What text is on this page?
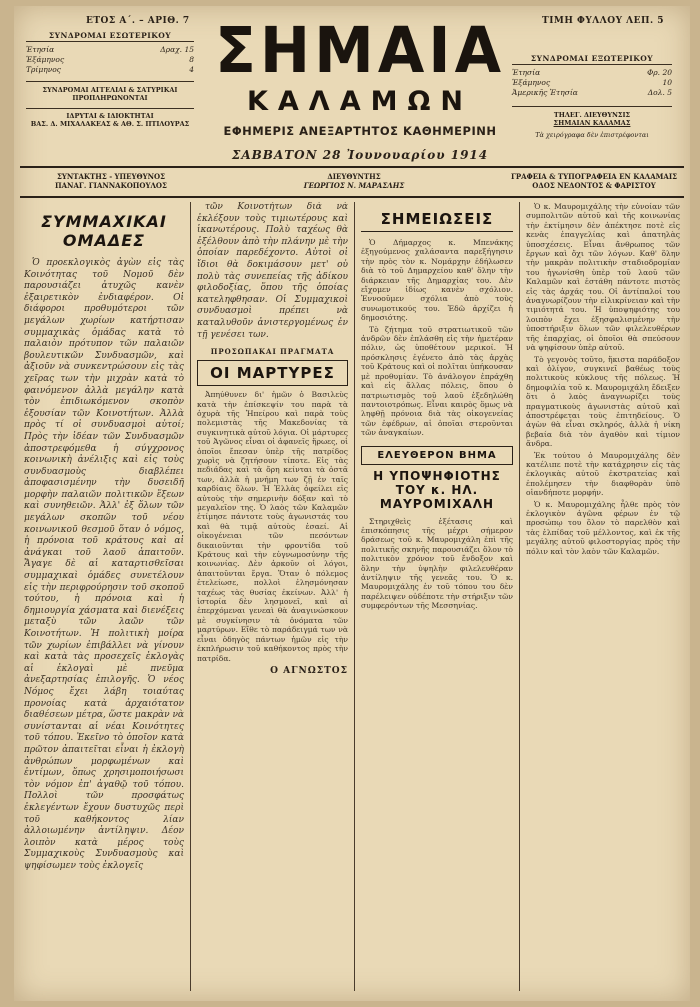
ΕΤΟΣ Α΄. – ΑΡΙΘ. 7	ΤΙΜΗ ΦΥΛΛΟΥ ΛΕΠ. 5
ΣΥΝΔΡΟΜΑΙ ΕΣΩΤΕΡΙΚΟΥ
Ἐτησία	Δραχ. 15
Ἑξάμηνος	8
Τρίμηνος	4
ΣΥΝΔΡΟΜΑΙ ΑΓΓΕΛΙΑΙ & ΣΑΤΥΡΙΚΑΙ ΠΡΟΠΛΗΡΩΝΟΝΤΑΙ
ΙΔΡΥΤΑΙ & ΙΔΙΟΚΤΗΤΑΙ
ΒΑΣ. Δ. ΜΙΧΑΛΑΚΕΑΣ & ΑΘ. Σ. ΠΤΙΛΟΥΡΑΣ
ΣΥΝΔΡΟΜΑΙ ΕΞΩΤΕΡΙΚΟΥ
Ἐτησία	Φρ. 20
Ἑξάμηνος	10
Ἀμερικῆς Ἐτησία	Δολ. 5
ΤΗΛΕΓ. ΔΙΕΥΘΥΝΣΙΣ
ΣΗΜΑΙΑΝ ΚΑΛΑΜΑΣ
Τὰ χειρόγραφα δὲν ἐπιστρέφονται
ΣΗΜΑΙΑ
ΚΑΛΑΜΩΝ
ΕΦΗΜΕΡΙΣ ΑΝΕΞΑΡΤΗΤΟΣ ΚΑΘΗΜΕΡΙΝΗ
ΣΑΒΒΑΤΟΝ 28 Ἰουνουαρίου 1914
ΣΥΝΤΑΚΤΗΣ - ΥΠΕΥΘΥΝΟΣ
ΠΑΝΑΓ. ΓΙΑΝΝΑΚΟΠΟΥΛΟΣ
ΔΙΕΥΘΥΝΤΗΣ
ΓΕΩΡΓΙΟΣ Ν. ΜΑΡΑΣΛΗΣ
ΓΡΑΦΕΙΑ & ΤΥΠΟΓΡΑΦΕΙΑ ΕΝ ΚΑΛΑΜΑΙΣ
ΟΔΟΣ ΝΕΔΟΝΤΟΣ & ΦΑΡΙΣΤΟΥ
ΣΥΜΜΑΧΙΚΑΙ ΟΜΑΔΕΣ

Ὁ προεκλογικὸς ἀγὼν εἰς τὰς Κοινότητας τοῦ Νομοῦ δὲν παρουσιάζει ἀτυχῶς κανὲν ἐξαιρετικὸν ἐνδιαφέρον. Οἱ διάφοροι προθυμότεροι τῶν μεγάλων χωρίων κατήρτισαν συμμαχικὰς ὁμάδας κατὰ τὸ παλαιὸν πρότυπον τῶν παλαιῶν βουλευτικῶν Συνδυασμῶν, καὶ ἀξιοῦν νὰ συνκεντρώσουν εἰς τὰς χεῖρας των τὴν μιχρὰν κατὰ τὸ φαινόμενον ἀλλὰ μεγάλην κατὰ τὸν ἐπιδιωκόμενον σκοπὸν ἐξουσίαν τῶν Κοινοτήτων. Ἀλλὰ πρὸς τί οἱ συνδυασμοὶ αὐτοί; Πρὸς τὴν ἰδέαν τῶν Συνδυασμῶν ἀποστρεφόμεθα ἡ σύγχρονος κοινωνικὴ ἀνέλιξις καὶ εἰς τοὺς συνδυασμοὺς διαβλέπει ἀποφασισμένην τὴν δυσειδῆ μορφὴν παλαιῶν πολιτικῶν ἕξεων καὶ συνηθειῶν. Ἀλλ' ἐξ ὅλων τῶν μεγάλων σκοπῶν τοῦ νέου κοινωνικοῦ θεσμοῦ ὅταν ὁ νόμος, ἡ πρόνοια τοῦ κράτους καὶ αἱ ἀνάγκαι τοῦ λαοῦ ἀπαιτοῦν. Ἄγαγε δὲ αἱ καταρτισθεῖσαι συμμαχικαὶ ὁμάδες συνετέλουν εἰς τὴν περιφρούρησιν τοῦ σκοποῦ τούτου, ἡ πρόνοια καὶ ἡ δημιουργία χάσματα καὶ διενέξεις μεταξὺ τῶν λαῶν τῶν Κοινοτήτων. Ἡ πολιτικὴ μοίρα τῶν χωρίων ἐπιβάλλει νὰ γίνουν καὶ κατὰ τὰς προσεχεῖς ἐκλογὰς αἱ ἐκλογαὶ μὲ πνεῦμα ἀνεξαρτησίας ἐπιλογῆς. Ὁ νέος Νόμος ἔχει λάβη τοιαύτας προνοίας κατὰ ἀρχαιότατον διαθέσεων μέτρα, ὥστε μακρὰν νὰ συνίστανται αἱ νέαι Κοινότητες τοῦ τόπου. Ἐκεῖνο τὸ ὁποῖον κατὰ πρῶτον ἀπαιτεῖται εἶναι ἡ ἐκλογὴ ἀνθρώπων μορφωμένων καὶ ἐντίμων, ὅπως χρησιμοποιήσωσι τὸν νόμον ἐπ' ἀγαθῷ τοῦ τόπου. Πολλοὶ τῶν προσφάτως ἐκλεγέντων ἔχουν δυστυχῶς περὶ τοῦ καθήκοντος λίαν ἀλλοιωμένην ἀντίληψιν. Δέον λοιπὸν κατὰ μέρος τοὺς Συμμαχικοὺς Συνδυασμοὺς καὶ ψηφίσωμεν τοὺς ἐκλογεῖς

τῶν Κοινοτήτων διὰ νὰ ἐκλέξουν τοὺς τιμιωτέρους καὶ ἱκανωτέρους. Πολὺ ταχέως θὰ ἐξέλθουν ἀπὸ τὴν πλάνην μὲ τὴν ὁποίαν παρεδέχοντο. Αὐτοὶ οἱ ἴδιοι θὰ δοκιμάσουν μετ' οὐ πολὺ τὰς συνεπείας τῆς ἀδίκου φιλοδοξίας, ὅπου τῆς ὁποίας κατεληφθησαν. Οἱ Συμμαχικοὶ συνδυασμοὶ πρέπει νὰ καταλυθοῦν ἀνιστεργομένως ἐν τῇ γενέσει των.

ΠΡΟΣΩΠΑΚΑΙ ΠΡΑΓΜΑΤΑ
ΟΙ ΜΑΡΤΥΡΕΣ

Ἀπηύθυνεν δι' ἡμῶν ὁ Βασιλεὺς κατὰ τὴν ἐπίσκεψίν του παρὰ τὰ ὀχυρὰ τῆς Ἠπείρου καὶ παρὰ τοὺς πολεμιστὰς τῆς Μακεδονίας τὰ συγκινητικὰ αὐτοῦ λόγια. Οἱ μάρτυρες τοῦ Ἀγῶνος εἶναι οἱ ἀφανεῖς ἥρωες, οἱ ὁποῖοι ἔπεσαν ὑπὲρ τῆς πατρίδος χωρὶς νὰ ζητήσουν τίποτε. Εἰς τὰς πεδιάδας καὶ τὰ ὄρη κείνται τὰ ὀστᾶ των, ἀλλὰ ἡ μνήμη των ζῇ ἐν ταῖς καρδίαις ὅλων. Ἡ Ἑλλὰς ὀφείλει εἰς αὐτοὺς τὴν σημερινὴν δόξαν καὶ τὸ μεγαλεῖον της. Ὁ λαὸς τῶν Καλαμῶν ἐτίμησε πάντοτε τοὺς ἀγωνιστάς του καὶ θὰ τιμᾷ αὐτοὺς ἐσαεί. Αἱ οἰκογένειαι τῶν πεσόντων δικαιοῦνται τὴν φροντίδα τοῦ Κράτους καὶ τὴν εὐγνωμοσύνην τῆς κοινωνίας. Δὲν ἀρκοῦν οἱ λόγοι, ἀπαιτοῦνται ἔργα. Ὅταν ὁ πόλεμος ἐτελείωσε, πολλοὶ ἐλησμόνησαν ταχέως τὰς θυσίας ἐκείνων. Ἀλλ' ἡ ἱστορία δὲν λησμονεῖ, καὶ αἱ ἐπερχόμεναι γενεαὶ θὰ ἀναγινώσκουν μὲ συγκίνησιν τὰ ὀνόματα τῶν μαρτύρων. Εἴθε τὸ παράδειγμά των νὰ εἶναι ὁδηγὸς πάντων ἡμῶν εἰς τὴν ἐκπλήρωσιν τοῦ καθήκοντος πρὸς τὴν πατρίδα.

Ο ΑΓΝΩΣΤΟΣ
ΣΗΜΕΙΩΣΕΙΣ

Ὁ Δήμαρχος κ. Μπενάκης ἐξηγούμενος χαλάσαντα παρεξήγησιν τὴν πρὸς τὸν κ. Νομάρχην ἐδήλωσεν διὰ τὸ τοῦ Δημαρχείου καθ' ὅλην τὴν διάρκειαν τῆς Δημαρχίας του. Δὲν εἴχομεν ἰδίως κανὲν σχόλιον. Ἐννοοῦμεν σχόλια ἀπὸ τοὺς συνωμοτικούς του. Ἐδῶ ἀρχίζει ἡ δημοσιότης.

Τὸ ζήτημα τοῦ στρατιωτικοῦ τῶν ἀνδρῶν δὲν ἐπλάσθη εἰς τὴν ἡμετέραν πόλιν, ὡς ὑποθέτουν μερικοί. Ἡ πρόσκλησις ἐγένετο ἀπὸ τὰς ἀρχὰς τοῦ Κράτους καὶ οἱ πολῖται ὑπήκουσαν μὲ προθυμίαν. Τὸ ἀνάλογον ἐπράχθη καὶ εἰς ἄλλας πόλεις, ὅπου ὁ πατριωτισμὸς τοῦ λαοῦ ἐξεδηλώθη παντοιοτρόπως. Εἶναι καιρὸς ὅμως νὰ ληφθῇ πρόνοια διὰ τὰς οἰκογενείας τῶν ἐφέδρων, αἱ ὁποῖαι στεροῦνται τῶν ἀναγκαίων.

ΕΛΕΥΘΕΡΟΝ ΒΗΜΑ
Η ΥΠΟΨΗΦΙΟΤΗΣ
ΤΟΥ κ. ΗΛ. ΜΑΥΡΟΜΙΧΑΛΗ

Στηριχθεὶς ἐξέτασις καὶ ἐπισκόπησις τῆς μέχρι σήμερον δράσεως τοῦ κ. Μαυρομιχάλη ἐπὶ τῆς πολιτικῆς σκηνῆς παρουσιάζει ὅλον τὸ πολιτικὸν χρόνον τοῦ ἔνδοξον καὶ ὅλην τὴν ὑψηλὴν φιλελευθέραν ἀντίληψιν τῆς γενεᾶς του. Ὁ κ. Μαυρομιχάλης ἐν τοῦ τόπου του δὲν παρέλειψεν οὐδέποτε τὴν στήριξιν τῶν συμφερόντων τῆς Μεσσηνίας.

Ὁ κ. Μαυρομιχάλης τὴν εὐνοίαν τῶν συμπολιτῶν αὐτοῦ καὶ τῆς κοινωνίας τὴν ἐκτίμησιν δὲν ἀπέκτησε ποτὲ εἰς κενὰς ἐπαγγελίας καὶ ἀπατηλὰς ὑποσχέσεις. Εἶναι ἄνθρωπος τῶν ἔργων καὶ ὄχι τῶν λόγων. Καθ' ὅλην τὴν μακρὰν πολιτικὴν σταδιοδρομίαν του ἠγωνίσθη ὑπὲρ τοῦ λαοῦ τῶν Καλαμῶν καὶ ἐστάθη πάντοτε πιστὸς εἰς τὰς ἀρχάς του. Οἱ ἀντίπαλοί του ἀναγνωρίζουν τὴν εἰλικρίνειαν καὶ τὴν τιμιότητά του. Ἡ ὑποψηφιότης του λοιπὸν ἔχει ἐξησφαλισμένην τὴν ὑποστήριξιν ὅλων τῶν φιλελευθέρων τῆς ἐπαρχίας, οἱ ὁποῖοι θὰ σπεύσουν νὰ ψηφίσουν ὑπὲρ αὐτοῦ.

Τὸ γεγονὸς τοῦτο, ἥκιστα παράδοξον καὶ ὀλίγον, συγκινεῖ βαθέως τοὺς πολιτικοὺς κύκλους τῆς πόλεως. Ἡ δημοφιλία τοῦ κ. Μαυρομιχάλη ἔδειξεν ὅτι ὁ λαὸς ἀναγνωρίζει τοὺς πραγματικοὺς ἀγωνιστὰς αὐτοῦ καὶ ἀποστρέφεται τοὺς ἐπιτηδείους. Ὁ ἀγὼν θὰ εἶναι σκληρός, ἀλλὰ ἡ νίκη βεβαία διὰ τὸν ἀγαθὸν καὶ τίμιον ἄνδρα.

Ἐκ τούτου ὁ Μαυρομιχάλης δὲν κατέλιπε ποτὲ τὴν κατάχρησιν εἰς τὰς ἐκλογικὰς αὐτοῦ ἐκστρατείας καὶ ἐπολέμησεν τὴν διαφθορὰν ὑπὸ οἱανδήποτε μορφήν.

Ὁ κ. Μαυρομιχάλης ἦλθε πρὸς τὸν ἐκλογικὸν ἀγῶνα φέρων ἐν τῷ προσώπῳ του ὅλον τὸ παρελθὸν καὶ τὰς ἐλπίδας τοῦ μέλλοντος, καὶ ἐκ τῆς μεγάλης αὐτοῦ φιλοστοργίας πρὸς τὴν πόλιν καὶ τὸν λαὸν τῶν Καλαμῶν.
